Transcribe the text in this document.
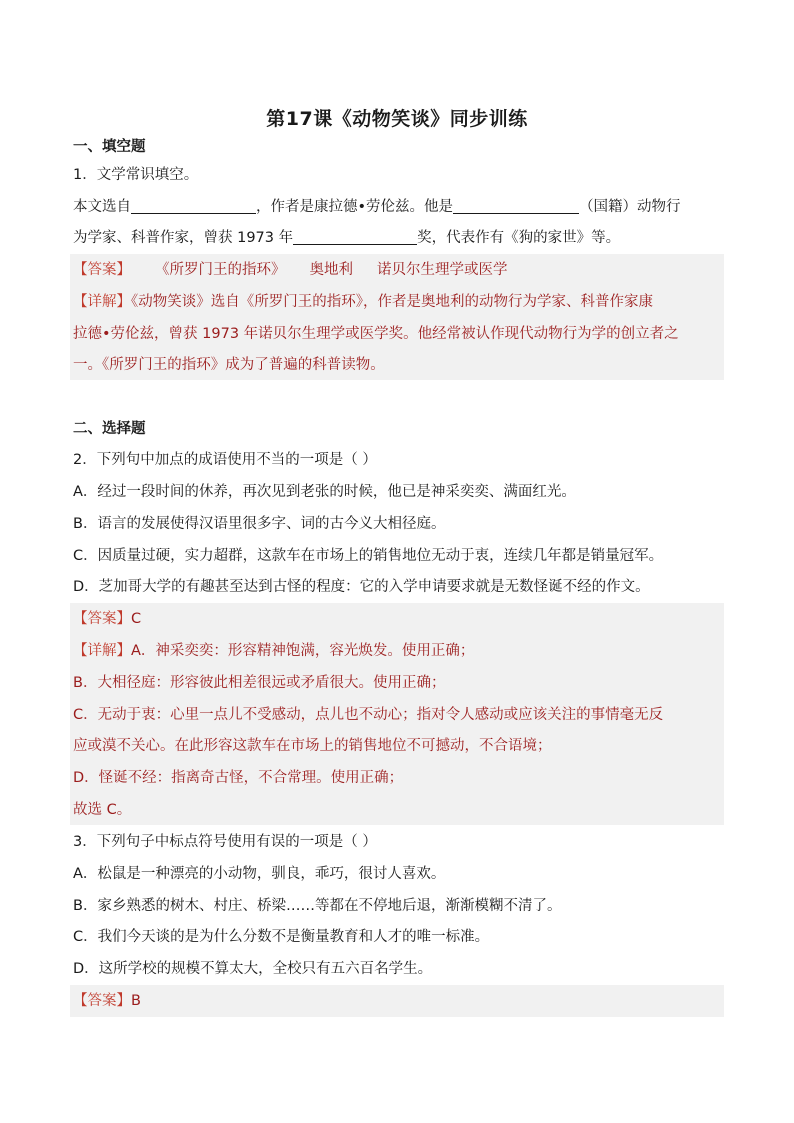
第17课《动物笑谈》同步训练
一、填空题
1．文学常识填空。
本文选自	，作者是康拉德•劳伦兹。他是	（国籍）动物行
为学家、科普作家，曾获 1973 年	奖，代表作有《狗的家世》等。
【答案】 《所罗门王的指环》 奥地利 诺贝尔生理学或医学
【详解】《动物笑谈》选自《所罗门王的指环》，作者是奥地利的动物行为学家、科普作家康
拉德•劳伦兹，曾获 1973 年诺贝尔生理学或医学奖。他经常被认作现代动物行为学的创立者之
一。《所罗门王的指环》成为了普遍的科普读物。
二、选择题
2．下列句中加点的成语使用不当的一项是（ ）
A．经过一段时间的休养，再次见到老张的时候，他已是神采奕奕、满面红光。
B．语言的发展使得汉语里很多字、词的古今义大相径庭。
C．因质量过硬，实力超群，这款车在市场上的销售地位无动于衷，连续几年都是销量冠军。
D．芝加哥大学的有趣甚至达到古怪的程度：它的入学申请要求就是无数怪诞不经的作文。
【答案】C
【详解】A．神采奕奕：形容精神饱满，容光焕发。使用正确；
B．大相径庭：形容彼此相差很远或矛盾很大。使用正确；
C．无动于衷：心里一点儿不受感动，点儿也不动心；指对令人感动或应该关注的事情毫无反
应或漠不关心。在此形容这款车在市场上的销售地位不可撼动，不合语境；
D．怪诞不经：指离奇古怪，不合常理。使用正确；
故选 C。
3．下列句子中标点符号使用有误的一项是（ ）
A．松鼠是一种漂亮的小动物，驯良，乖巧，很讨人喜欢。
B．家乡熟悉的树木、村庄、桥梁……等都在不停地后退，渐渐模糊不清了。
C．我们今天谈的是为什么分数不是衡量教育和人才的唯一标准。
D．这所学校的规模不算太大，全校只有五六百名学生。
【答案】B
